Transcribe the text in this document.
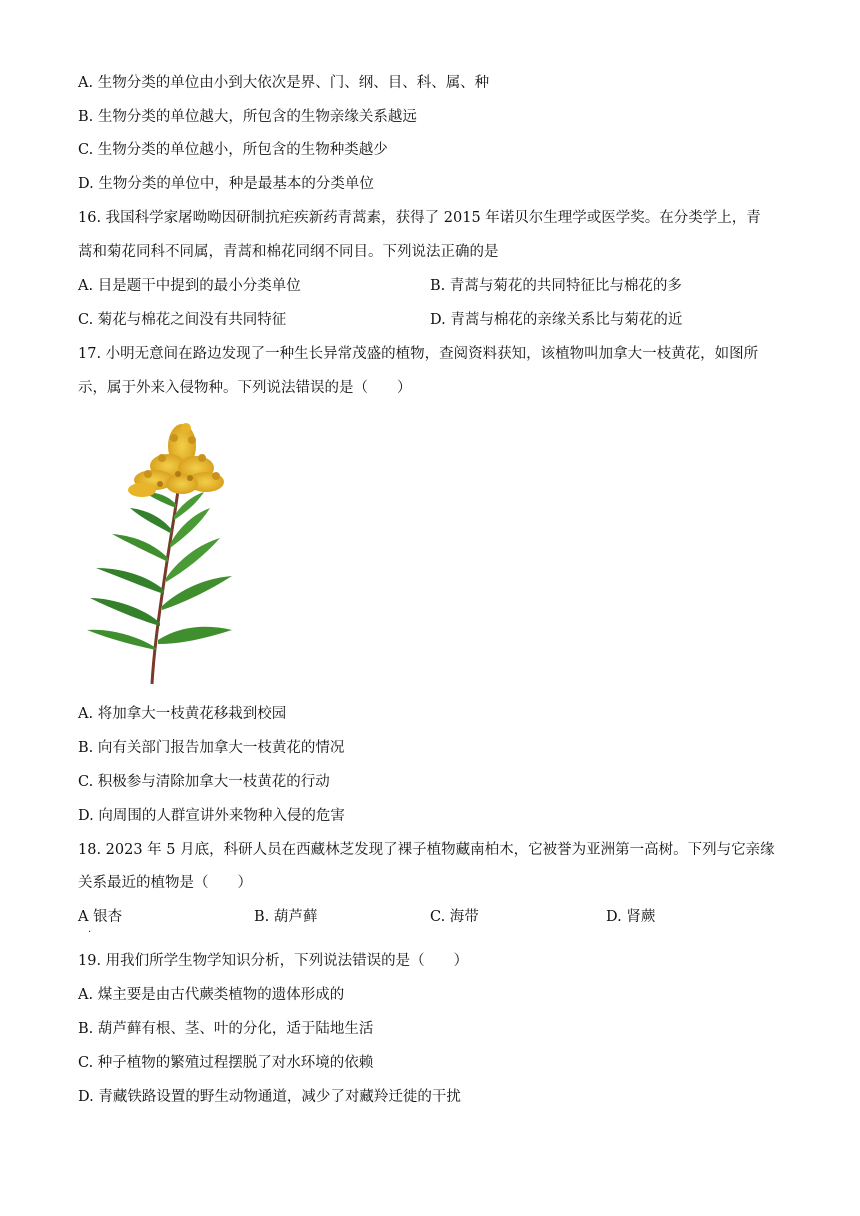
A. 生物分类的单位由小到大依次是界、门、纲、目、科、属、种
B. 生物分类的单位越大，所包含的生物亲缘关系越远
C. 生物分类的单位越小，所包含的生物种类越少
D. 生物分类的单位中，种是最基本的分类单位
16. 我国科学家屠呦呦因研制抗疟疾新药青蒿素，获得了 2015 年诺贝尔生理学或医学奖。在分类学上，青
蒿和菊花同科不同属，青蒿和棉花同纲不同目。下列说法正确的是
A. 目是题干中提到的最小分类单位	B. 青蒿与菊花的共同特征比与棉花的多
C. 菊花与棉花之间没有共同特征	D. 青蒿与棉花的亲缘关系比与菊花的近
17. 小明无意间在路边发现了一种生长异常茂盛的植物，查阅资料获知，该植物叫加拿大一枝黄花，如图所
示，属于外来入侵物种。下列说法错误的是（　　）
A. 将加拿大一枝黄花移栽到校园
B. 向有关部门报告加拿大一枝黄花的情况
C. 积极参与清除加拿大一枝黄花的行动
D. 向周围的人群宣讲外来物种入侵的危害
18. 2023 年 5 月底，科研人员在西藏林芝发现了裸子植物藏南柏木，它被誉为亚洲第一高树。下列与它亲缘
关系最近的植物是（　　）
A 银杏	B. 葫芦藓	C. 海带	D. 肾蕨
.
19. 用我们所学生物学知识分析，下列说法错误的是（　　）
A. 煤主要是由古代蕨类植物的遗体形成的
B. 葫芦藓有根、茎、叶的分化，适于陆地生活
C. 种子植物的繁殖过程摆脱了对水环境的依赖
D. 青藏铁路设置的野生动物通道，减少了对藏羚迁徙的干扰
